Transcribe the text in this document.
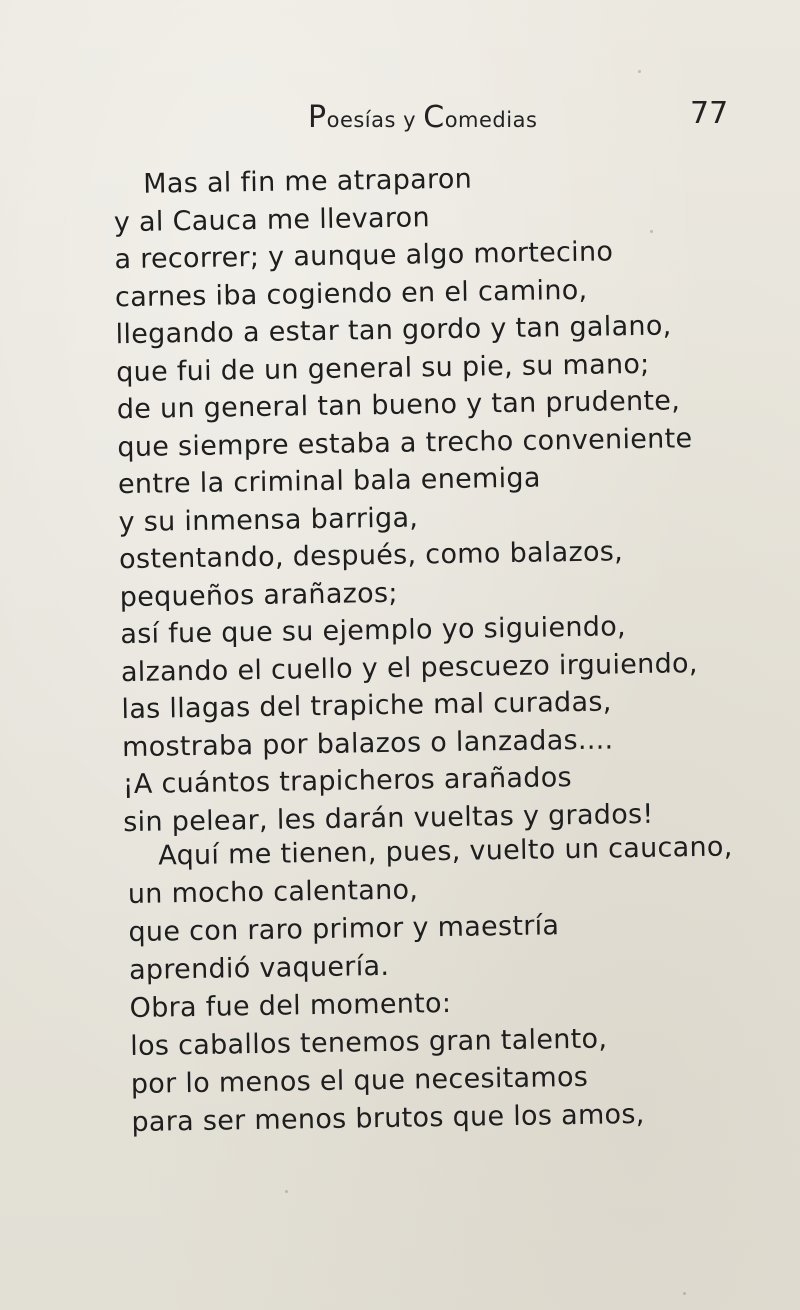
Poesías y Comedias	77
Mas al fin me atraparon
y al Cauca me llevaron
a recorrer; y aunque algo mortecino
carnes iba cogiendo en el camino,
llegando a estar tan gordo y tan galano,
que fui de un general su pie, su mano;
de un general tan bueno y tan prudente,
que siempre estaba a trecho conveniente
entre la criminal bala enemiga
y su inmensa barriga,
ostentando, después, como balazos,
pequeños arañazos;
así fue que su ejemplo yo siguiendo,
alzando el cuello y el pescuezo irguiendo,
las llagas del trapiche mal curadas,
mostraba por balazos o lanzadas....
¡A cuántos trapicheros arañados
sin pelear, les darán vueltas y grados!
Aquí me tienen, pues, vuelto un caucano,
un mocho calentano,
que con raro primor y maestría
aprendió vaquería.
Obra fue del momento:
los caballos tenemos gran talento,
por lo menos el que necesitamos
para ser menos brutos que los amos,
